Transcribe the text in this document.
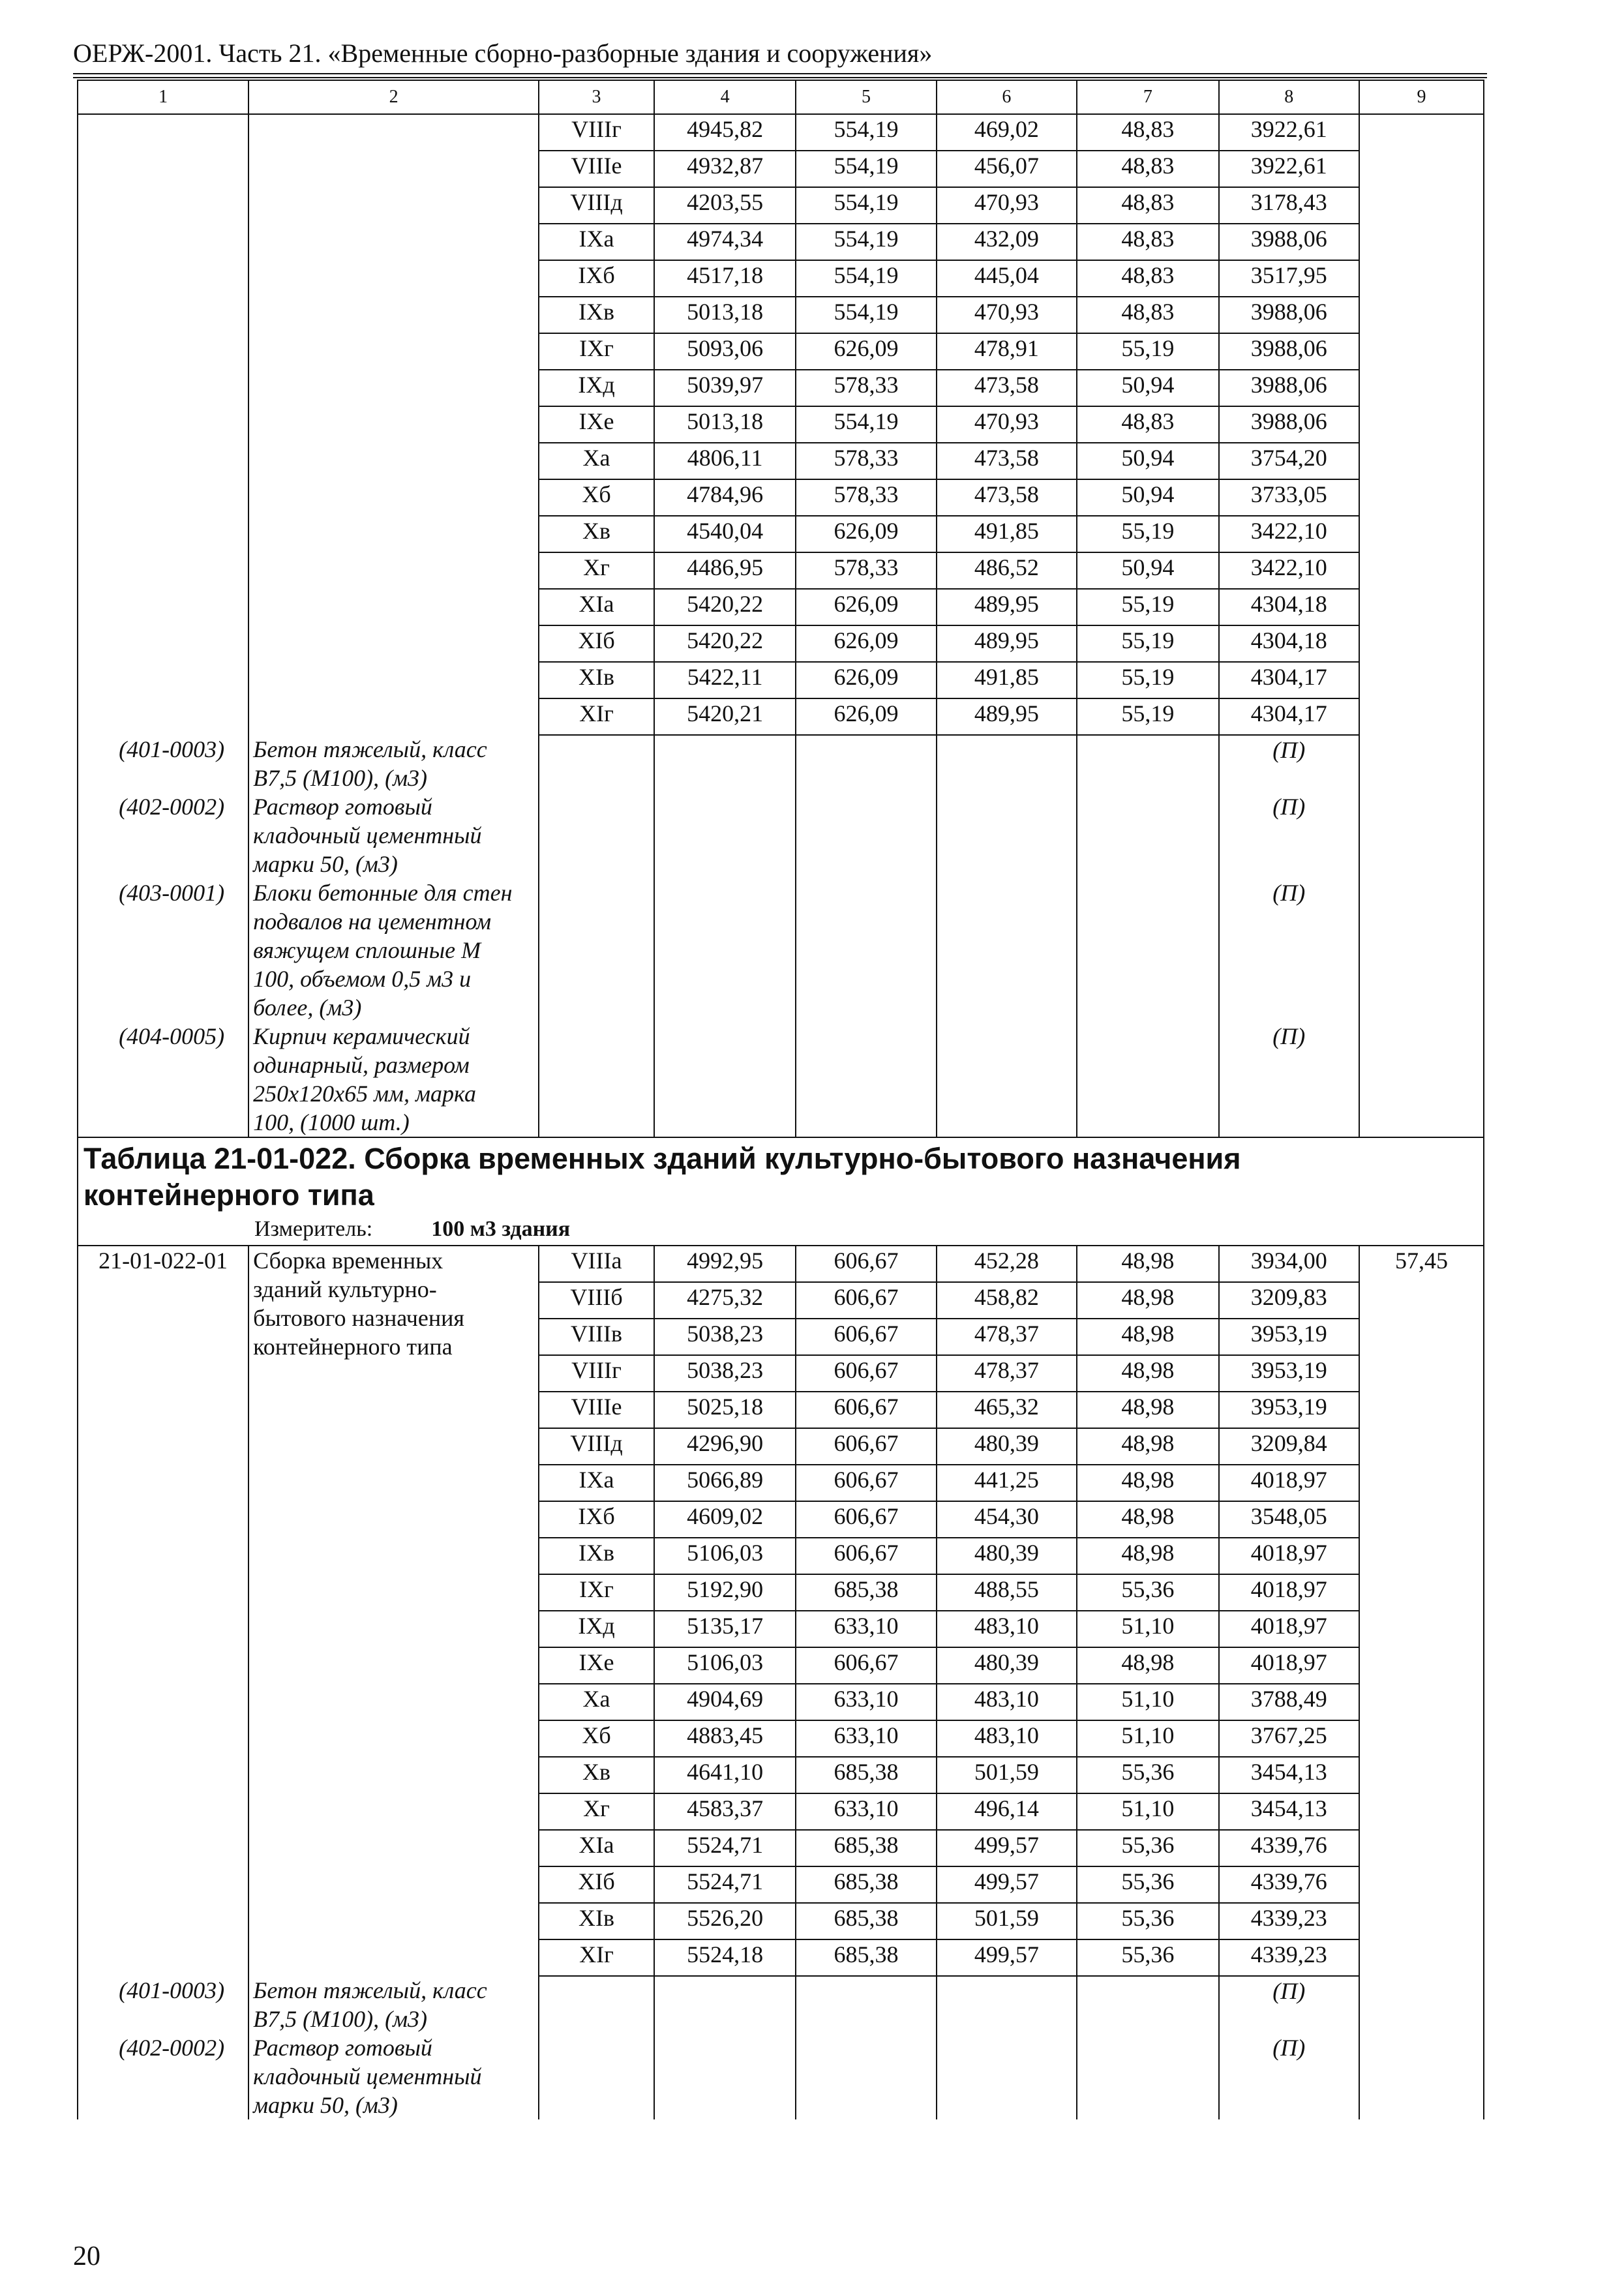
ОЕРЖ-2001. Часть 21. «Временные сборно-разборные здания и сооружения»
1	2	3	4	5	6	7	8	9
		VIIIг	4945,82	554,19	469,02	48,83	3922,61	
		VIIIе	4932,87	554,19	456,07	48,83	3922,61	
		VIIIд	4203,55	554,19	470,93	48,83	3178,43	
		IXа	4974,34	554,19	432,09	48,83	3988,06	
		IXб	4517,18	554,19	445,04	48,83	3517,95	
		IXв	5013,18	554,19	470,93	48,83	3988,06	
		IXг	5093,06	626,09	478,91	55,19	3988,06	
		IXд	5039,97	578,33	473,58	50,94	3988,06	
		IXе	5013,18	554,19	470,93	48,83	3988,06	
		Xа	4806,11	578,33	473,58	50,94	3754,20	
		Xб	4784,96	578,33	473,58	50,94	3733,05	
		Xв	4540,04	626,09	491,85	55,19	3422,10	
		Xг	4486,95	578,33	486,52	50,94	3422,10	
		XIа	5420,22	626,09	489,95	55,19	4304,18	
		XIб	5420,22	626,09	489,95	55,19	4304,18	
		XIв	5422,11	626,09	491,85	55,19	4304,17	
		XIг	5420,21	626,09	489,95	55,19	4304,17	
(401-0003)	Бетон тяжелый, класс
В7,5 (М100), (м3)						(П)	
(402-0002)	Раствор готовый
кладочный цементный
марки 50, (м3)						(П)	
(403-0001)	Блоки бетонные для стен
подвалов на цементном
вяжущем сплошные М
100, объемом 0,5 м3 и
более, (м3)						(П)	
(404-0005)	Кирпич керамический
одинарный, размером
250х120х65 мм, марка
100, (1000 шт.)						(П)	

Таблица 21-01-022. Сборка временных зданий культурно-бытового назначения
контейнерного типа
Измеритель: 100 м3 здания								

21-01-022-01	Сборка временных
зданий культурно-
бытового назначения
контейнерного типа	VIIIа	4992,95	606,67	452,28	48,98	3934,00	57,45
		VIIIб	4275,32	606,67	458,82	48,98	3209,83	
		VIIIв	5038,23	606,67	478,37	48,98	3953,19	
		VIIIг	5038,23	606,67	478,37	48,98	3953,19	
		VIIIе	5025,18	606,67	465,32	48,98	3953,19	
		VIIIд	4296,90	606,67	480,39	48,98	3209,84	
		IXа	5066,89	606,67	441,25	48,98	4018,97	
		IXб	4609,02	606,67	454,30	48,98	3548,05	
		IXв	5106,03	606,67	480,39	48,98	4018,97	
		IXг	5192,90	685,38	488,55	55,36	4018,97	
		IXд	5135,17	633,10	483,10	51,10	4018,97	
		IXе	5106,03	606,67	480,39	48,98	4018,97	
		Xа	4904,69	633,10	483,10	51,10	3788,49	
		Xб	4883,45	633,10	483,10	51,10	3767,25	
		Xв	4641,10	685,38	501,59	55,36	3454,13	
		Xг	4583,37	633,10	496,14	51,10	3454,13	
		XIа	5524,71	685,38	499,57	55,36	4339,76	
		XIб	5524,71	685,38	499,57	55,36	4339,76	
		XIв	5526,20	685,38	501,59	55,36	4339,23	
		XIг	5524,18	685,38	499,57	55,36	4339,23	
(401-0003)	Бетон тяжелый, класс
В7,5 (М100), (м3)						(П)	
(402-0002)	Раствор готовый
кладочный цементный
марки 50, (м3)						(П)	
20
